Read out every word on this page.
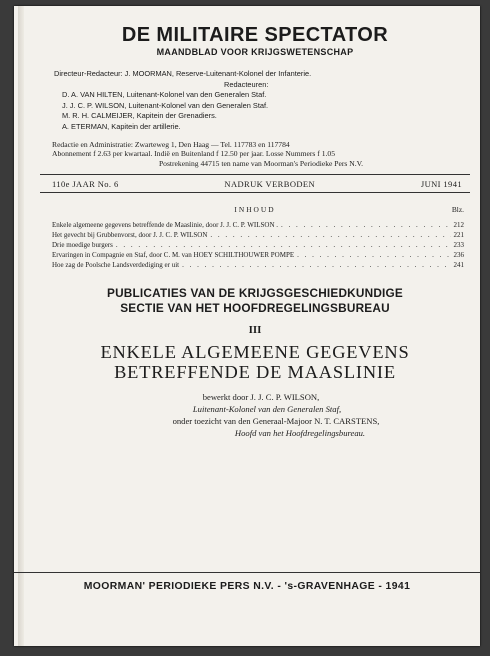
DE MILITAIRE SPECTATOR
MAANDBLAD VOOR KRIJGSWETENSCHAP
Directeur-Redacteur: J. MOORMAN, Reserve-Luitenant-Kolonel der Infanterie.
Redacteuren:
D. A. VAN HILTEN, Luitenant-Kolonel van den Generalen Staf.
J. J. C. P. WILSON, Luitenant-Kolonel van den Generalen Staf.
M. R. H. CALMEIJER, Kapitein der Grenadiers.
A. ETERMAN, Kapitein der artillerie.
Redactie en Administratie: Zwarteweg 1, Den Haag — Tel. 117783 en 117784
Abonnement f 2.63 per kwartaal. Indië en Buitenland f 12.50 per jaar. Losse Nummers f 1.05
Postrekening 44715 ten name van Moorman's Periodieke Pers N.V.
110e JAAR No. 6	NADRUK VERBODEN	JUNI 1941
INHOUD	Blz.
Enkele algemeene gegevens betreffende de Maaslinie, door J. J. C. P. WILSON . . . .	212
Het gevecht bij Grubbenvorst, door J. J. C. P. WILSON . . .	221
Drie moedige burgers . . .	233
Ervaringen in Compagnie en Staf, door C. M. van HOEY SCHILTHOUWER POMPE . . .	236
Hoe zag de Poolsche Landsverdediging er uit . . .	241
PUBLICATIES VAN DE KRIJGSGESCHIEDKUNDIGE
SECTIE VAN HET HOOFDREGELINGSBUREAU
III
ENKELE ALGEMEENE GEGEVENS
BETREFFENDE DE MAASLINIE
bewerkt door J. J. C. P. WILSON,
Luitenant-Kolonel van den Generalen Staf,
onder toezicht van den Generaal-Majoor N. T. CARSTENS,
Hoofd van het Hoofdregelingsbureau.
MOORMAN' PERIODIEKE PERS N.V. - 's-GRAVENHAGE - 1941
